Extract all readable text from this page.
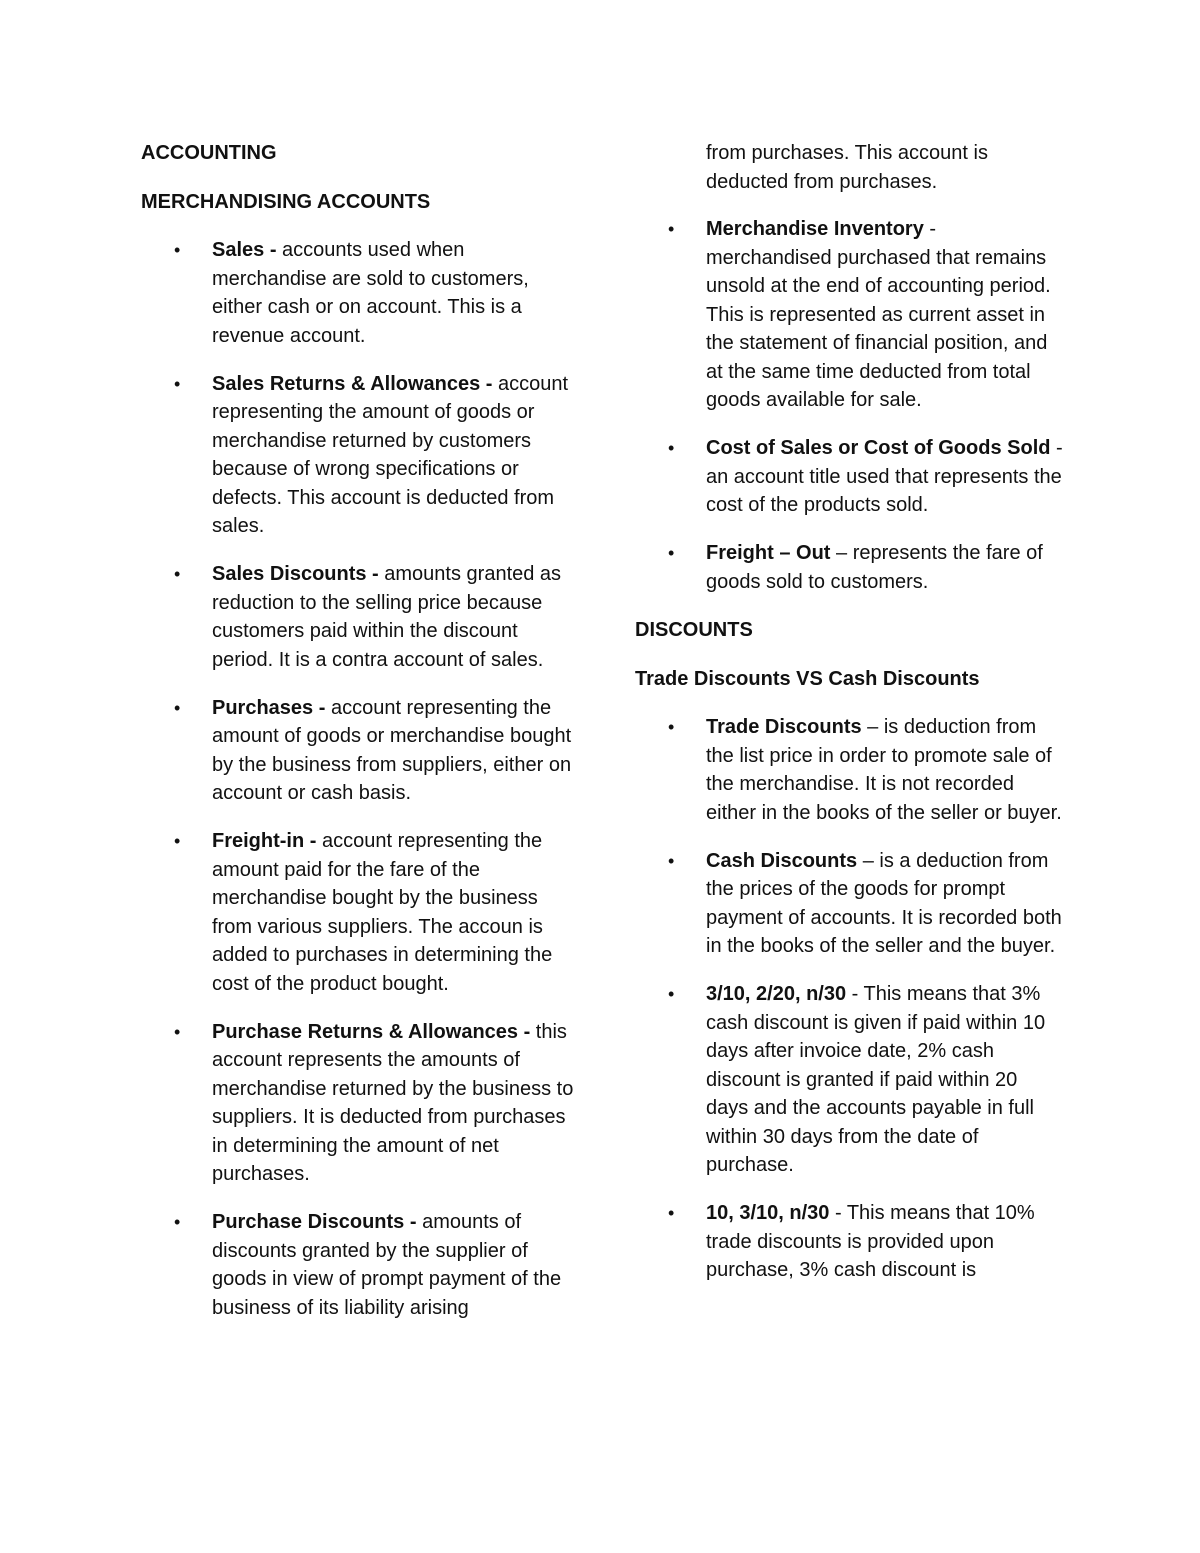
ACCOUNTING
MERCHANDISING ACCOUNTS
• Sales - accounts used when merchandise are sold to customers, either cash or on account. This is a revenue account.
• Sales Returns & Allowances - account representing the amount of goods or merchandise returned by customers because of wrong specifications or defects. This account is deducted from sales.
• Sales Discounts - amounts granted as reduction to the selling price because customers paid within the discount period. It is a contra account of sales.
• Purchases - account representing the amount of goods or merchandise bought by the business from suppliers, either on account or cash basis.
• Freight-in - account representing the amount paid for the fare of the merchandise bought by the business from various suppliers. The accoun is added to purchases in determining the cost of the product bought.
• Purchase Returns & Allowances - this account represents the amounts of merchandise returned by the business to suppliers. It is deducted from purchases in determining the amount of net purchases.
• Purchase Discounts - amounts of discounts granted by the supplier of goods in view of prompt payment of the business of its liability arising
from purchases. This account is deducted from purchases.
• Merchandise Inventory - merchandised purchased that remains unsold at the end of accounting period. This is represented as current asset in the statement of financial position, and at the same time deducted from total goods available for sale.
• Cost of Sales or Cost of Goods Sold - an account title used that represents the cost of the products sold.
• Freight – Out – represents the fare of goods sold to customers.
DISCOUNTS
Trade Discounts VS Cash Discounts
• Trade Discounts – is deduction from the list price in order to promote sale of the merchandise. It is not recorded either in the books of the seller or buyer.
• Cash Discounts – is a deduction from the prices of the goods for prompt payment of accounts. It is recorded both in the books of the seller and the buyer.
• 3/10, 2/20, n/30 - This means that 3% cash discount is given if paid within 10 days after invoice date, 2% cash discount is granted if paid within 20 days and the accounts payable in full within 30 days from the date of purchase.
• 10, 3/10, n/30 - This means that 10% trade discounts is provided upon purchase, 3% cash discount is
